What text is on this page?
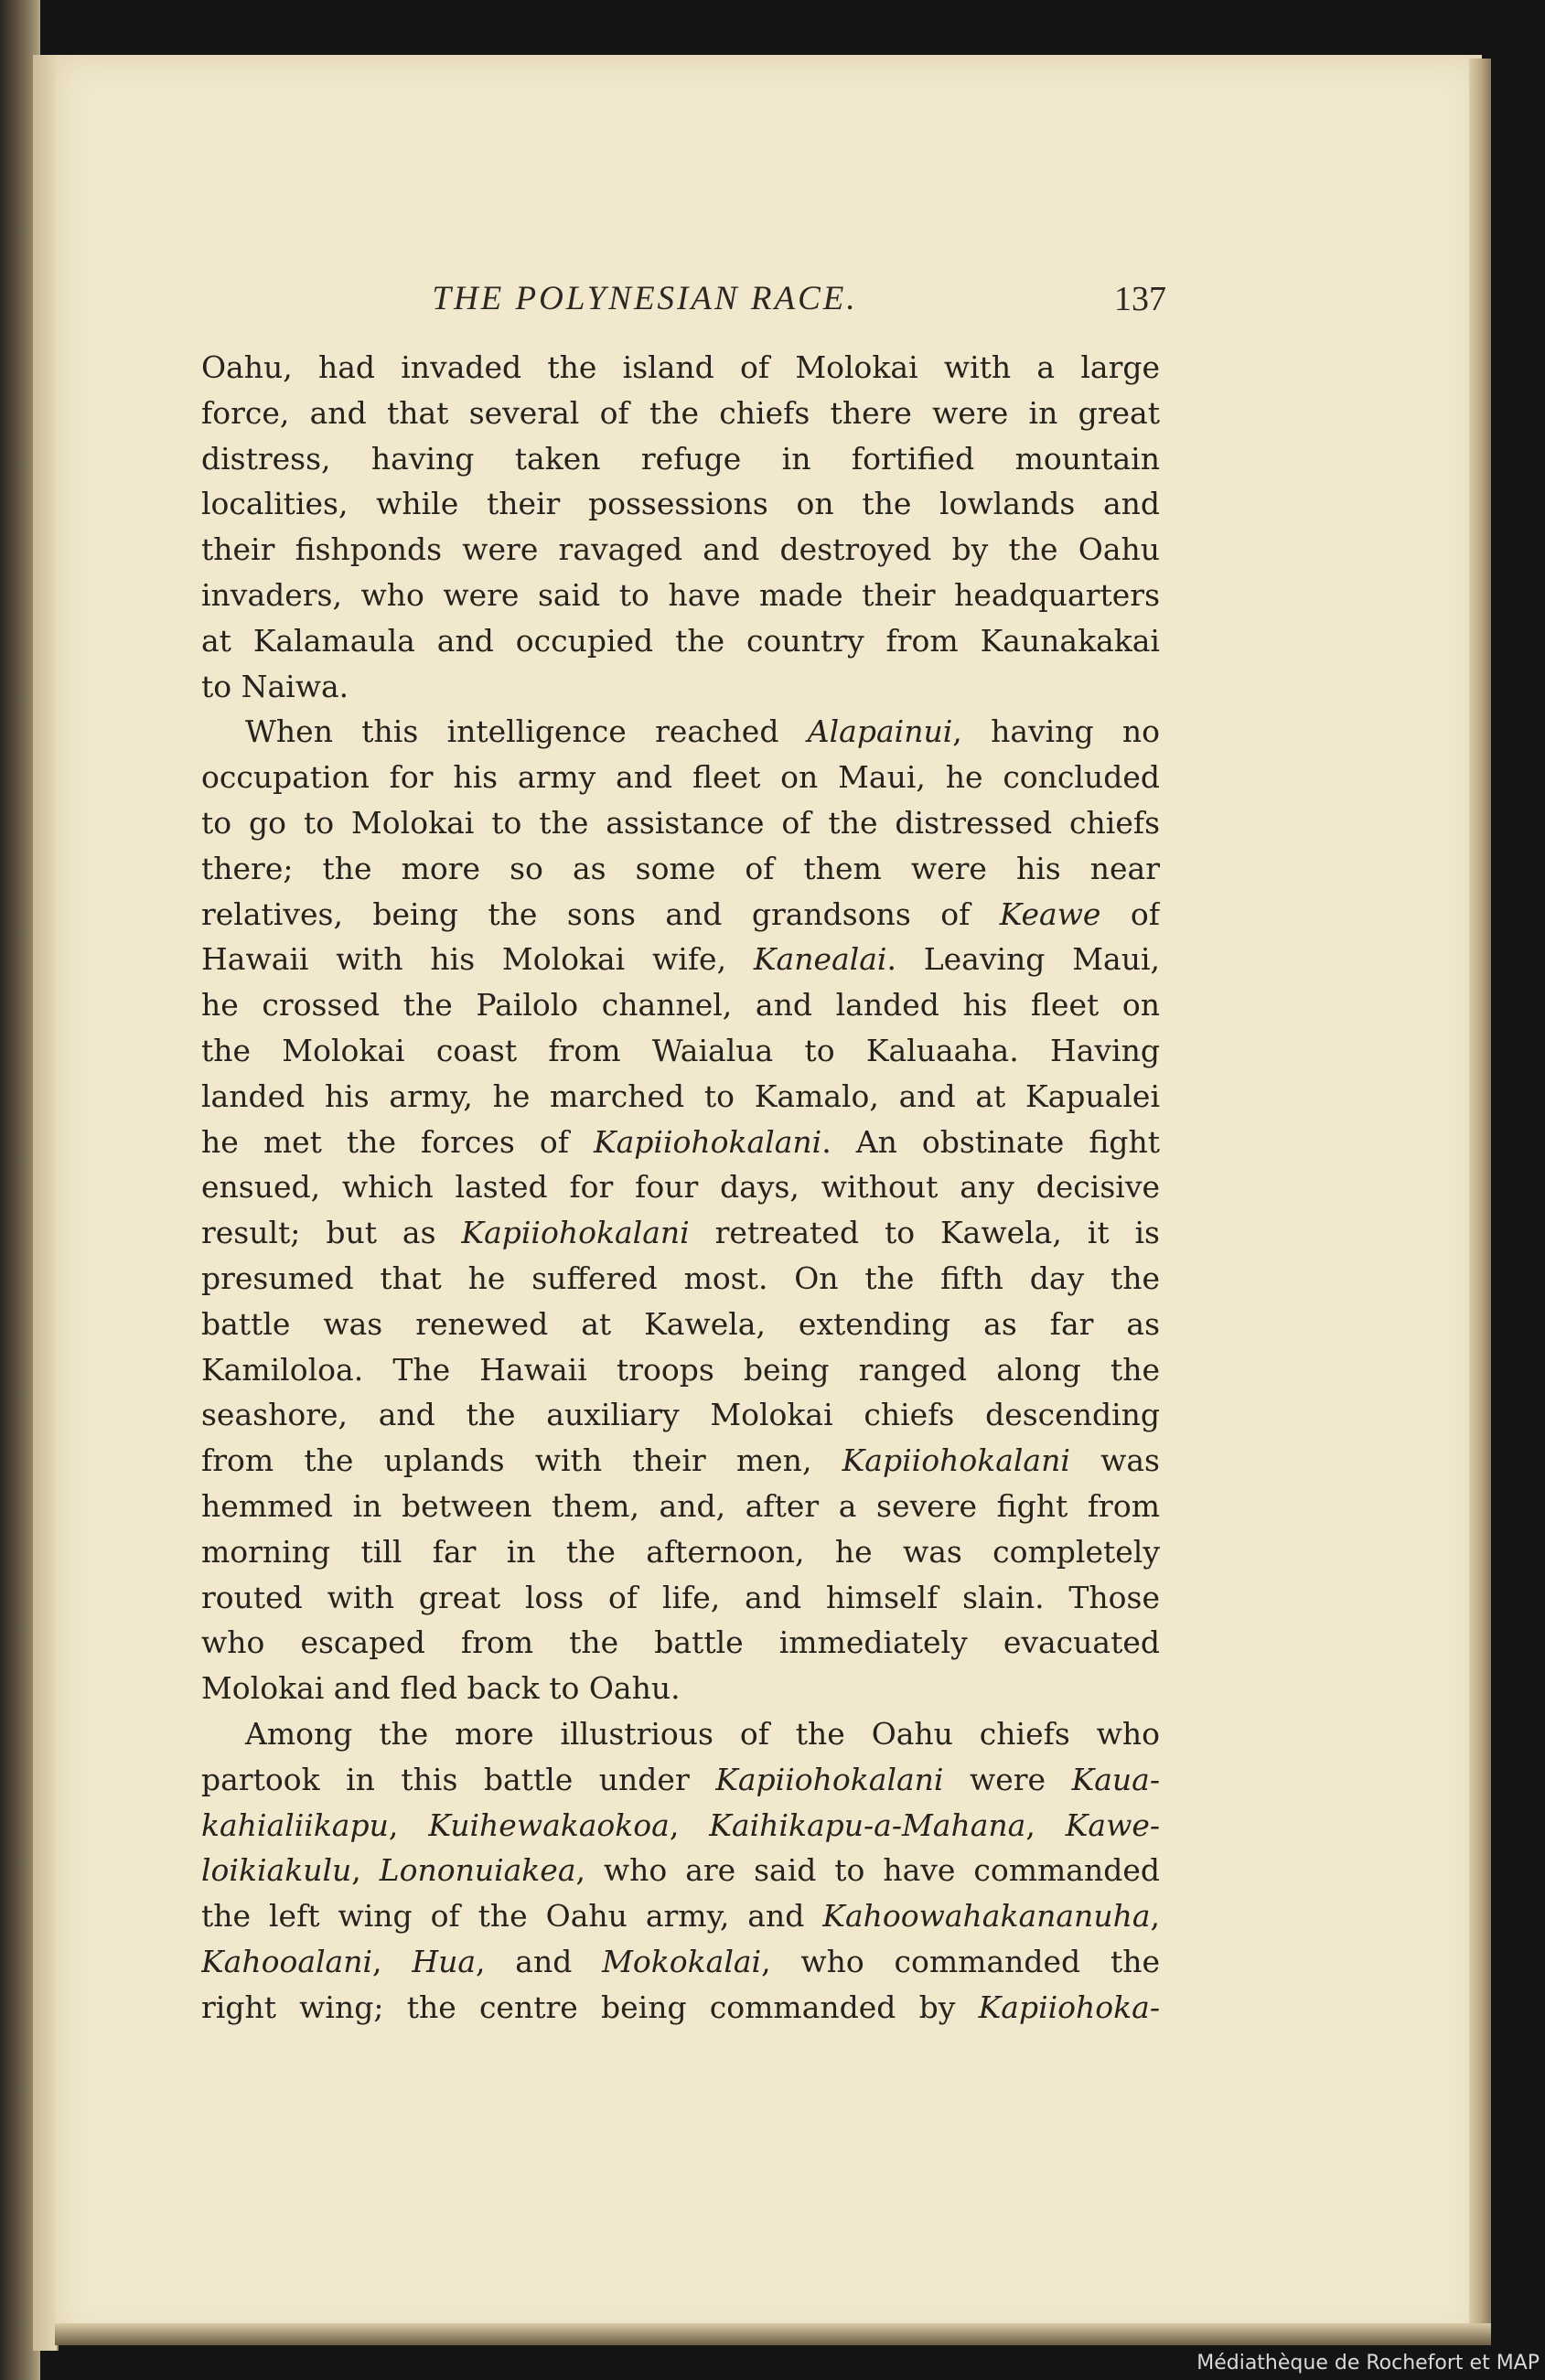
THE POLYNESIAN RACE.	137
Oahu, had invaded the island of Molokai with a large
force, and that several of the chiefs there were in great
distress, having taken refuge in fortified mountain
localities, while their possessions on the lowlands and
their fishponds were ravaged and destroyed by the Oahu
invaders, who were said to have made their headquarters
at Kalamaula and occupied the country from Kaunakakai
to Naiwa.
When this intelligence reached Alapainui, having no
occupation for his army and fleet on Maui, he concluded
to go to Molokai to the assistance of the distressed chiefs
there; the more so as some of them were his near
relatives, being the sons and grandsons of Keawe of
Hawaii with his Molokai wife, Kanealai. Leaving Maui,
he crossed the Pailolo channel, and landed his fleet on
the Molokai coast from Waialua to Kaluaaha. Having
landed his army, he marched to Kamalo, and at Kapualei
he met the forces of Kapiiohokalani. An obstinate fight
ensued, which lasted for four days, without any decisive
result; but as Kapiiohokalani retreated to Kawela, it is
presumed that he suffered most. On the fifth day the
battle was renewed at Kawela, extending as far as
Kamiloloa. The Hawaii troops being ranged along the
seashore, and the auxiliary Molokai chiefs descending
from the uplands with their men, Kapiiohokalani was
hemmed in between them, and, after a severe fight from
morning till far in the afternoon, he was completely
routed with great loss of life, and himself slain. Those
who escaped from the battle immediately evacuated
Molokai and fled back to Oahu.
Among the more illustrious of the Oahu chiefs who
partook in this battle under Kapiiohokalani were Kaua-
kahialiikapu, Kuihewakaokoa, Kaihikapu-a-Mahana, Kawe-
loikiakulu, Lononuiakea, who are said to have commanded
the left wing of the Oahu army, and Kahoowahakananuha,
Kahooalani, Hua, and Mokokalai, who commanded the
right wing; the centre being commanded by Kapiiohoka-
Médiathèque de Rochefort et MAP
